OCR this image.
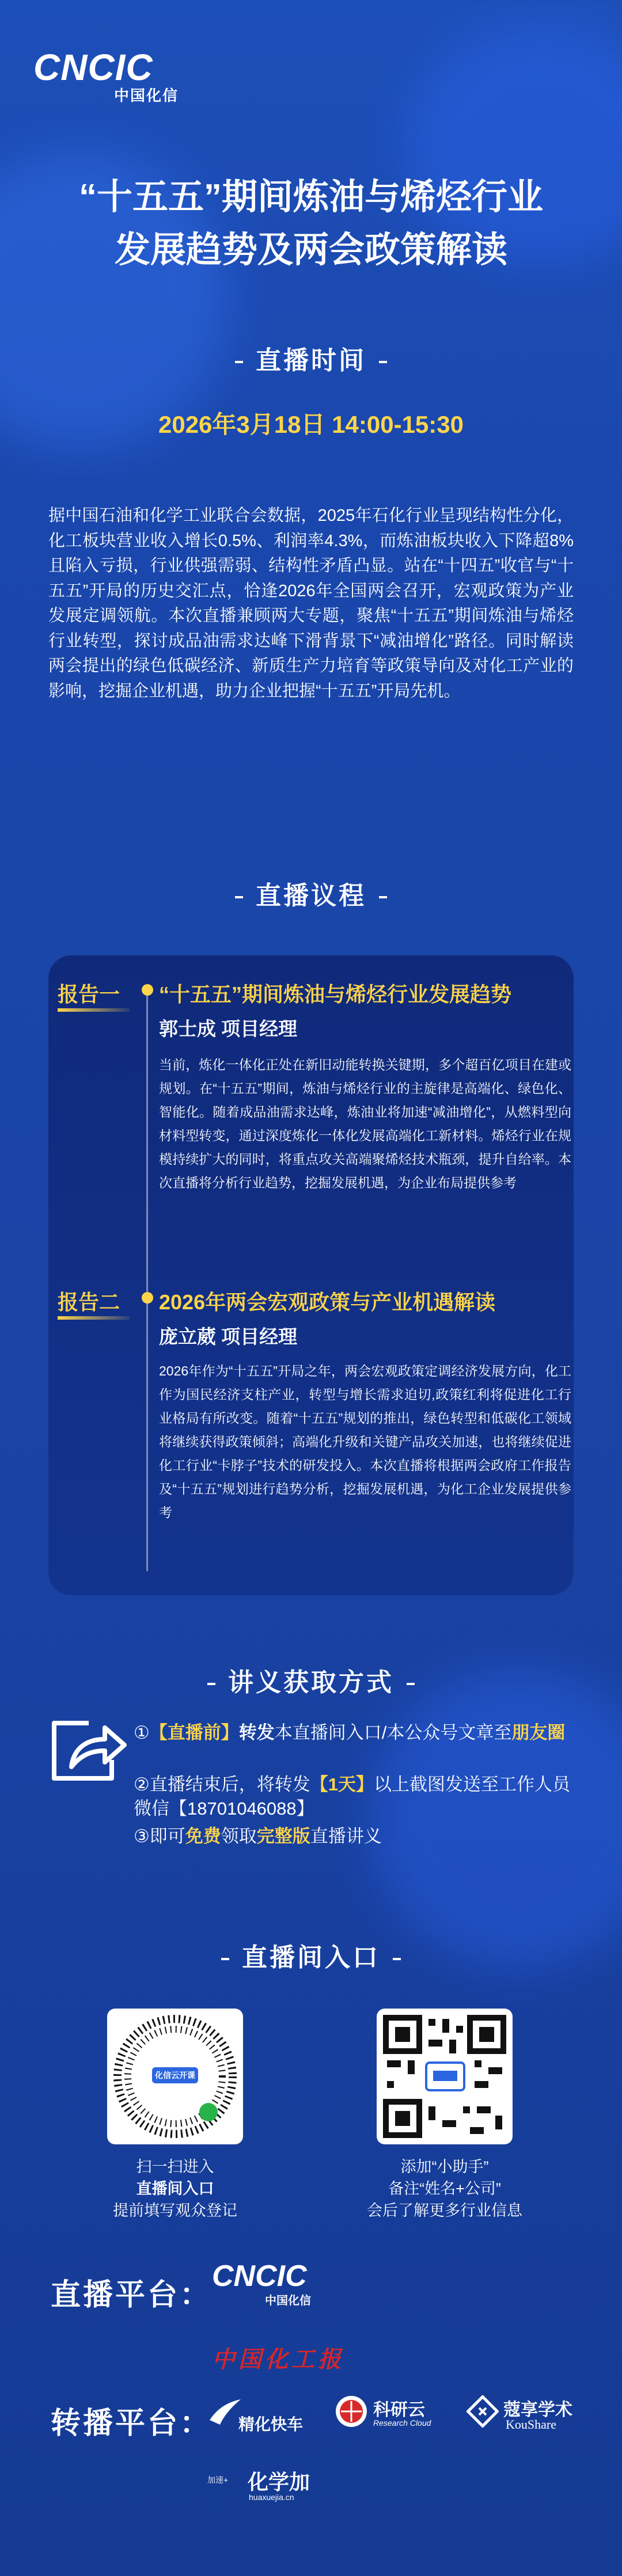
CNCIC
中国化信
“十五五”期间炼油与烯烃行业
发展趋势及两会政策解读
直播时间
2026年3月18日 14:00-15:30
据中国石油和化学工业联合会数据，2025年石化行业呈现结构性分化，化工板块营业收入增长0.5%、利润率4.3%，而炼油板块收入下降超8%且陷入亏损，行业供强需弱、结构性矛盾凸显。站在“十四五”收官与“十五五”开局的历史交汇点，恰逢2026年全国两会召开，宏观政策为产业发展定调领航。本次直播兼顾两大专题，聚焦“十五五”期间炼油与烯烃行业转型，探讨成品油需求达峰下滑背景下“减油增化”路径。同时解读两会提出的绿色低碳经济、新质生产力培育等政策导向及对化工产业的影响，挖掘企业机遇，助力企业把握“十五五”开局先机。
直播议程
报告一 “十五五”期间炼油与烯烃行业发展趋势
郭士成 项目经理
当前，炼化一体化正处在新旧动能转换关键期，多个超百亿项目在建或规划。在“十五五”期间，炼油与烯烃行业的主旋律是高端化、绿色化、智能化。随着成品油需求达峰，炼油业将加速“减油增化”，从燃料型向材料型转变，通过深度炼化一体化发展高端化工新材料。烯烃行业在规模持续扩大的同时，将重点攻关高端聚烯烃技术瓶颈，提升自给率。本次直播将分析行业趋势，挖掘发展机遇，为企业布局提供参考
报告二 2026年两会宏观政策与产业机遇解读
庞立葳 项目经理
2026年作为“十五五”开局之年，两会宏观政策定调经济发展方向，化工作为国民经济支柱产业，转型与增长需求迫切,政策红利将促进化工行业格局有所改变。随着“十五五”规划的推出，绿色转型和低碳化工领域将继续获得政策倾斜；高端化升级和关键产品攻关加速，也将继续促进化工行业“卡脖子”技术的研发投入。本次直播将根据两会政府工作报告及“十五五”规划进行趋势分析，挖掘发展机遇，为化工企业发展提供参考
讲义获取方式
①【直播前】转发本直播间入口/本公众号文章至朋友圈
②直播结束后，将转发【1天】以上截图发送至工作人员微信【18701046088】
③即可免费领取完整版直播讲义
直播间入口
化信云开课
扫一扫进入
直播间入口
提前填写观众登记
添加“小助手”
备注“姓名+公司”
会后了解更多行业信息
直播平台：
CNCIC
中国化信
中国化工报
转播平台： 精化快车
科研云
Research Cloud
蔻享学术
KouShare
加速+ 化学加
huaxuejia.cn
